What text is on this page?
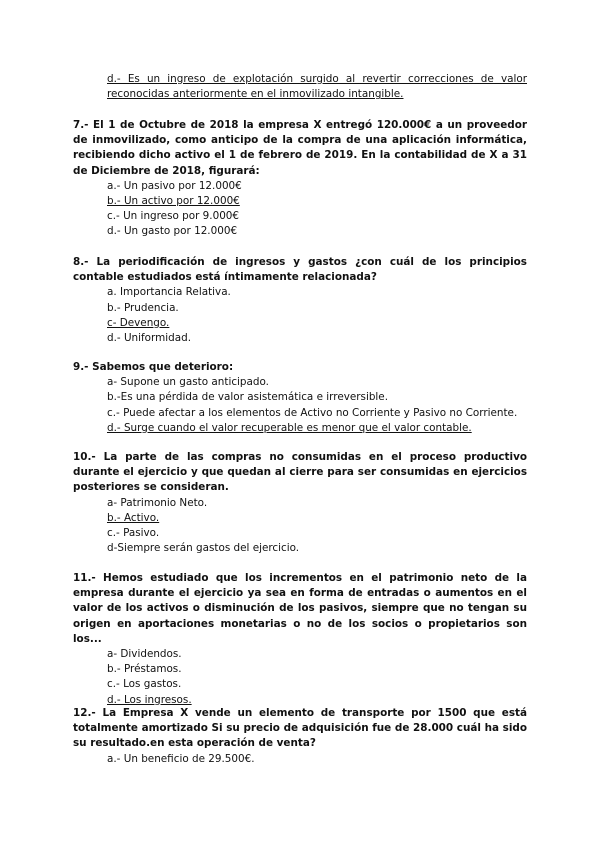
d.- Es un ingreso de explotación surgido al revertir correcciones de valor reconocidas anteriormente en el inmovilizado intangible.
7.- El 1 de Octubre de 2018 la empresa X entregó 120.000€ a un proveedor de inmovilizado, como anticipo de la compra de una aplicación informática, recibiendo dicho activo el 1 de febrero de 2019. En la contabilidad de X a 31 de Diciembre de 2018, figurará:
a.- Un pasivo por 12.000€
b.- Un activo por 12.000€
c.- Un ingreso por 9.000€
d.- Un gasto por 12.000€
8.- La periodificación de ingresos y gastos ¿con cuál de los principios contable estudiados está íntimamente relacionada?
a. Importancia Relativa.
b.- Prudencia.
c- Devengo.
d.- Uniformidad.
9.- Sabemos que deterioro:
a- Supone un gasto anticipado.
b.-Es una pérdida de valor asistemática e irreversible.
c.- Puede afectar a los elementos de Activo no Corriente y Pasivo no Corriente.
d.- Surge cuando el valor recuperable es menor que el valor contable.
10.- La parte de las compras no consumidas en el proceso productivo durante el ejercicio y que quedan al cierre para ser consumidas en ejercicios posteriores se consideran.
a- Patrimonio Neto.
b.- Activo.
c.- Pasivo.
d-Siempre serán gastos del ejercicio.
11.- Hemos estudiado que los incrementos en el patrimonio neto de la empresa durante el ejercicio ya sea en forma de entradas o aumentos en el valor de los activos o disminución de los pasivos, siempre que no tengan su origen en aportaciones monetarias o no de los socios o propietarios son los...
a- Dividendos.
b.- Préstamos.
c.- Los gastos.
d.- Los ingresos.
12.- La Empresa X vende un elemento de transporte por 1500 que está totalmente amortizado Si su precio de adquisición fue de 28.000 cuál ha sido su resultado.en esta operación de venta?
a.- Un beneficio de 29.500€.
